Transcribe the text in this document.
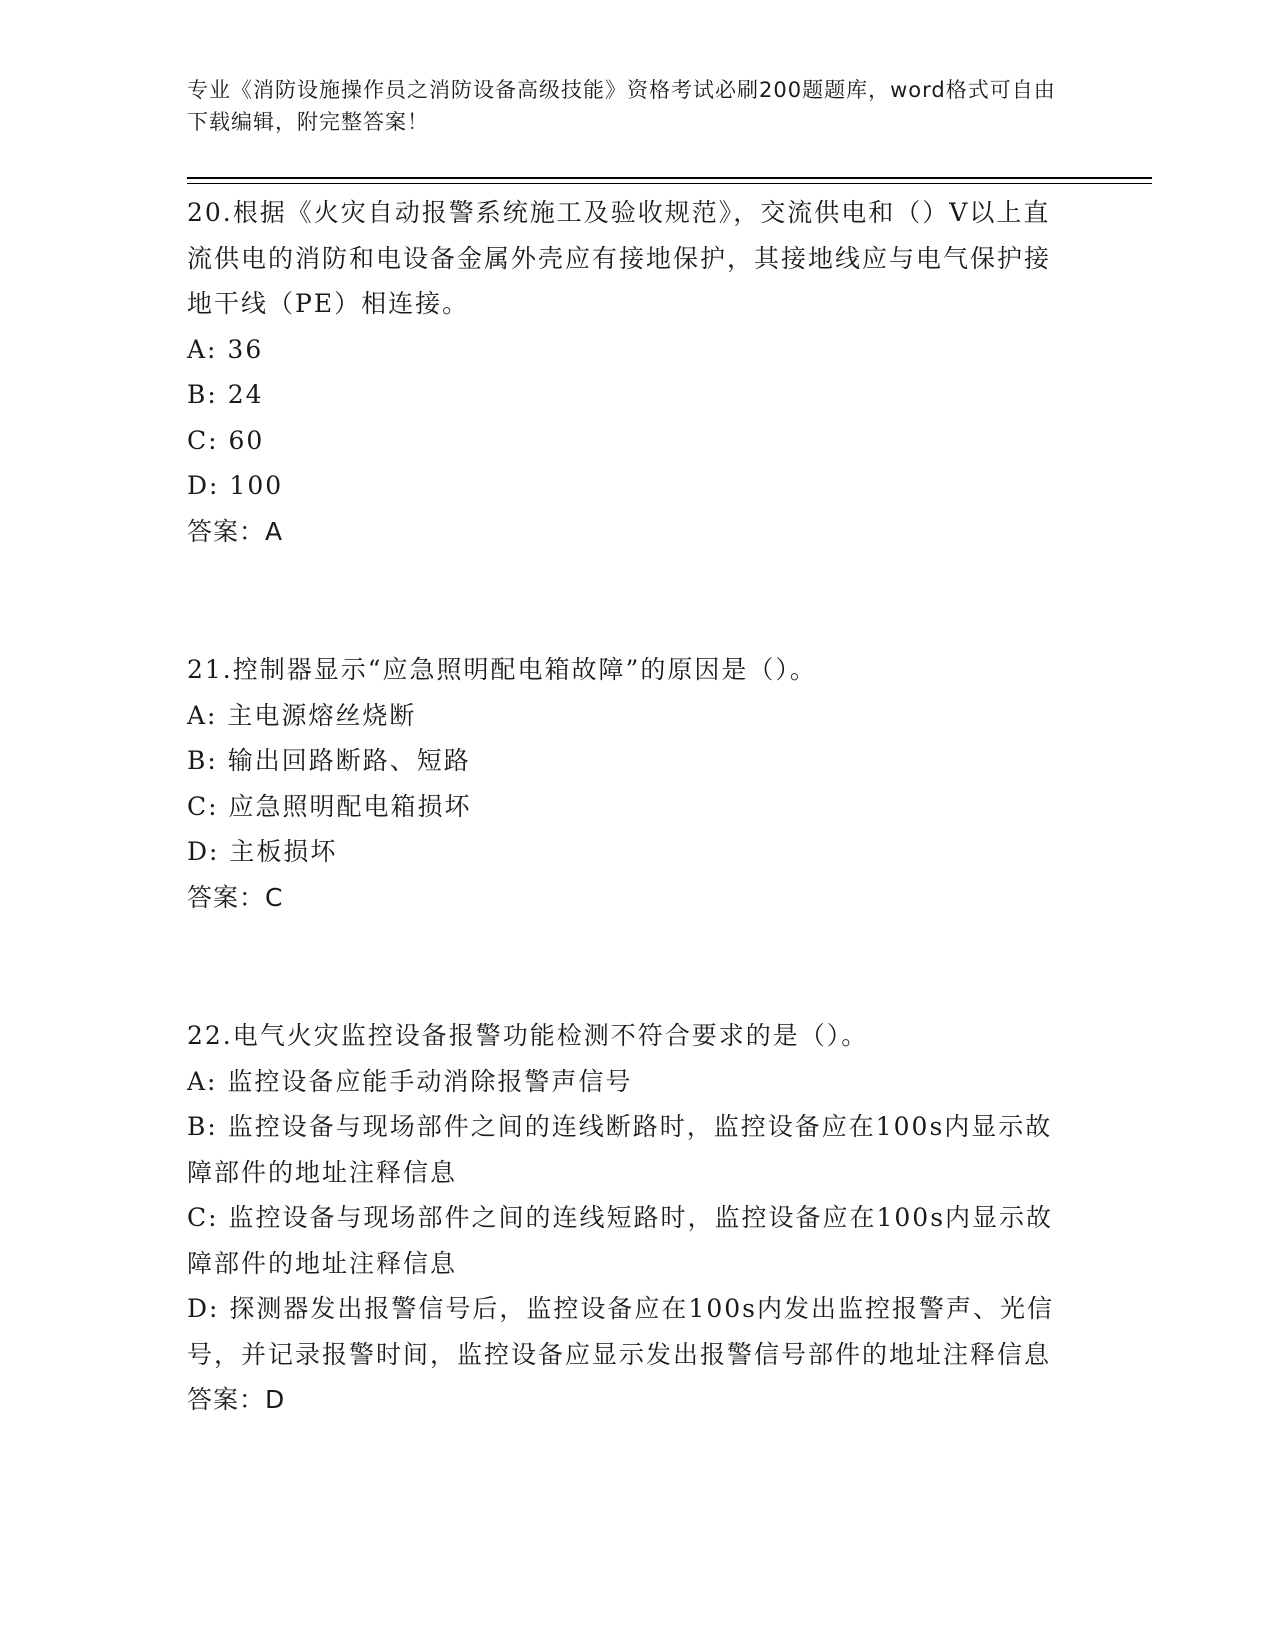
专业《消防设施操作员之消防设备高级技能》资格考试必刷200题题库，word格式可自由下载编辑，附完整答案！

20.根据《火灾自动报警系统施工及验收规范》，交流供电和（）V以上直流供电的消防和电设备金属外壳应有接地保护，其接地线应与电气保护接地干线（PE）相连接。

A: 36

B: 24

C: 60

D: 100

答案：A

21.控制器显示“应急照明配电箱故障”的原因是（）。

A: 主电源熔丝烧断

B: 输出回路断路、短路

C: 应急照明配电箱损坏

D: 主板损坏

答案：C

22.电气火灾监控设备报警功能检测不符合要求的是（）。

A: 监控设备应能手动消除报警声信号

B: 监控设备与现场部件之间的连线断路时，监控设备应在100s内显示故障部件的地址注释信息

C: 监控设备与现场部件之间的连线短路时，监控设备应在100s内显示故障部件的地址注释信息

D: 探测器发出报警信号后，监控设备应在100s内发出监控报警声、光信号，并记录报警时间，监控设备应显示发出报警信号部件的地址注释信息

答案：D
